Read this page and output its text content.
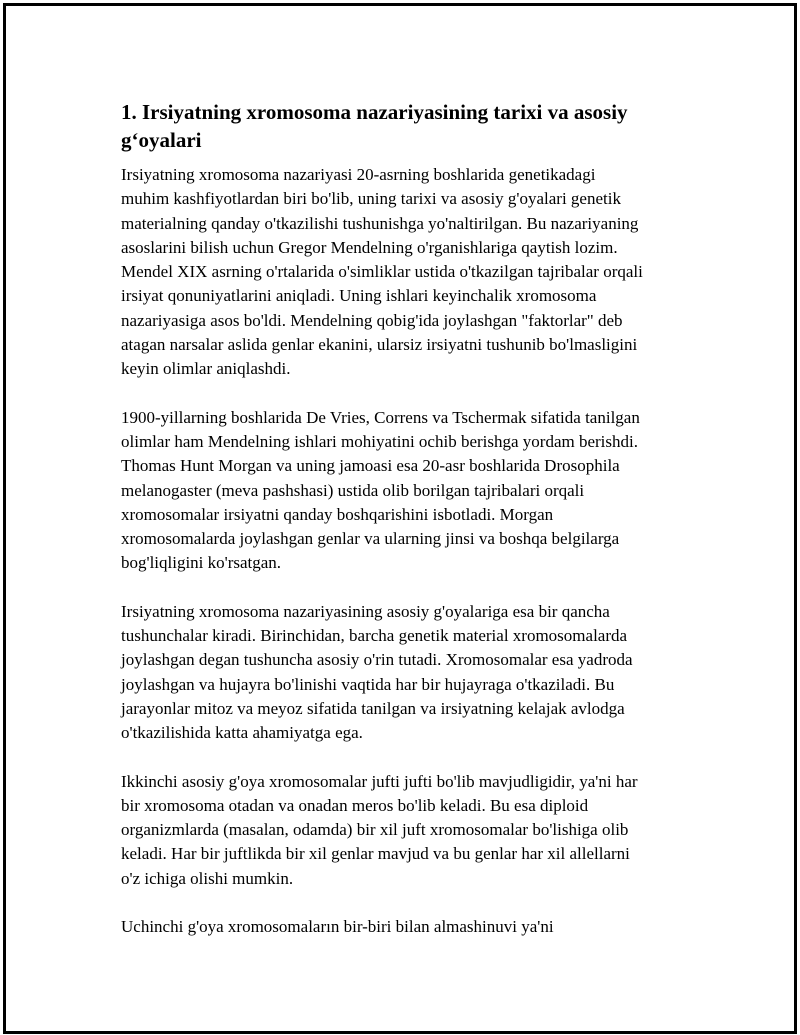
1. Irsiyatning xromosoma nazariyasining tarixi va asosiy
g‘oyalari

Irsiyatning xromosoma nazariyasi 20-asrning boshlarida genetikadagi
muhim kashfiyotlardan biri bo'lib, uning tarixi va asosiy g'oyalari genetik
materialning qanday o'tkazilishi tushunishga yo'naltirilgan. Bu nazariyaning
asoslarini bilish uchun Gregor Mendelning o'rganishlariga qaytish lozim.
Mendel XIX asrning o'rtalarida o'simliklar ustida o'tkazilgan tajribalar orqali
irsiyat qonuniyatlarini aniqladi. Uning ishlari keyinchalik xromosoma
nazariyasiga asos bo'ldi. Mendelning qobig'ida joylashgan "faktorlar" deb
atagan narsalar aslida genlar ekanini, ularsiz irsiyatni tushunib bo'lmasligini
keyin olimlar aniqlashdi.

1900-yillarning boshlarida De Vries, Correns va Tschermak sifatida tanilgan
olimlar ham Mendelning ishlari mohiyatini ochib berishga yordam berishdi.
Thomas Hunt Morgan va uning jamoasi esa 20-asr boshlarida Drosophila
melanogaster (meva pashshasi) ustida olib borilgan tajribalari orqali
xromosomalar irsiyatni qanday boshqarishini isbotladi. Morgan
xromosomalarda joylashgan genlar va ularning jinsi va boshqa belgilarga
bog'liqligini ko'rsatgan.

Irsiyatning xromosoma nazariyasining asosiy g'oyalariga esa bir qancha
tushunchalar kiradi. Birinchidan, barcha genetik material xromosomalarda
joylashgan degan tushuncha asosiy o'rin tutadi. Xromosomalar esa yadroda
joylashgan va hujayra bo'linishi vaqtida har bir hujayraga o'tkaziladi. Bu
jarayonlar mitoz va meyoz sifatida tanilgan va irsiyatning kelajak avlodga
o'tkazilishida katta ahamiyatga ega.

Ikkinchi asosiy g'oya xromosomalar jufti jufti bo'lib mavjudligidir, ya'ni har
bir xromosoma otadan va onadan meros bo'lib keladi. Bu esa diploid
organizmlarda (masalan, odamda) bir xil juft xromosomalar bo'lishiga olib
keladi. Har bir juftlikda bir xil genlar mavjud va bu genlar har xil allellarni
o'z ichiga olishi mumkin.

Uchinchi g'oya xromosomaların bir-biri bilan almashinuvi ya'ni
